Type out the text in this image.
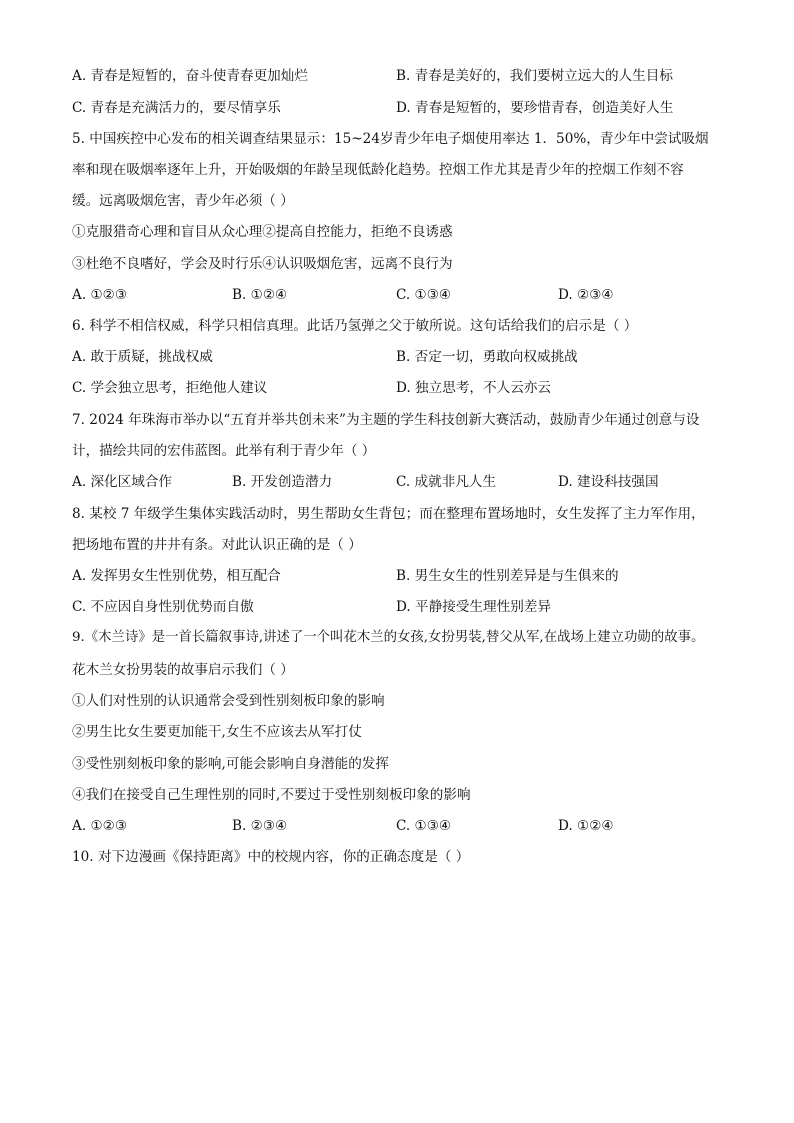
A. 青春是短暂的，奋斗使青春更加灿烂	B. 青春是美好的，我们要树立远大的人生目标
C. 青春是充满活力的，要尽情享乐	D. 青春是短暂的，要珍惜青春，创造美好人生
5. 中国疾控中心发布的相关调查结果显示：15~24岁青少年电子烟使用率达 1．50%，青少年中尝试吸烟
率和现在吸烟率逐年上升，开始吸烟的年龄呈现低龄化趋势。控烟工作尤其是青少年的控烟工作刻不容
缓。远离吸烟危害，青少年必须（ ）
①克服猎奇心理和盲目从众心理②提高自控能力，拒绝不良诱惑
③杜绝不良嗜好，学会及时行乐④认识吸烟危害，远离不良行为
A. ①②③	B. ①②④	C. ①③④	D. ②③④
6. 科学不相信权威，科学只相信真理。此话乃氢弹之父于敏所说。这句话给我们的启示是（ ）
A. 敢于质疑，挑战权威	B. 否定一切，勇敢向权威挑战
C. 学会独立思考，拒绝他人建议	D. 独立思考，不人云亦云
7. 2024 年珠海市举办以“五育并举共创未来”为主题的学生科技创新大赛活动，鼓励青少年通过创意与设
计，描绘共同的宏伟蓝图。此举有利于青少年（ ）
A. 深化区域合作	B. 开发创造潜力	C. 成就非凡人生	D. 建设科技强国
8. 某校 7 年级学生集体实践活动时，男生帮助女生背包；而在整理布置场地时，女生发挥了主力军作用，
把场地布置的井井有条。对此认识正确的是（ ）
A. 发挥男女生性别优势，相互配合	B. 男生女生的性别差异是与生俱来的
C. 不应因自身性别优势而自傲	D. 平静接受生理性别差异
9.《木兰诗》是一首长篇叙事诗,讲述了一个叫花木兰的女孩,女扮男装,替父从军,在战场上建立功勋的故事。
花木兰女扮男装的故事启示我们（ ）
①人们对性别的认识通常会受到性别刻板印象的影响
②男生比女生要更加能干,女生不应该去从军打仗
③受性别刻板印象的影响,可能会影响自身潜能的发挥
④我们在接受自己生理性别的同时,不要过于受性别刻板印象的影响
A. ①②③	B. ②③④	C. ①③④	D. ①②④
10. 对下边漫画《保持距离》中的校规内容，你的正确态度是（ ）
